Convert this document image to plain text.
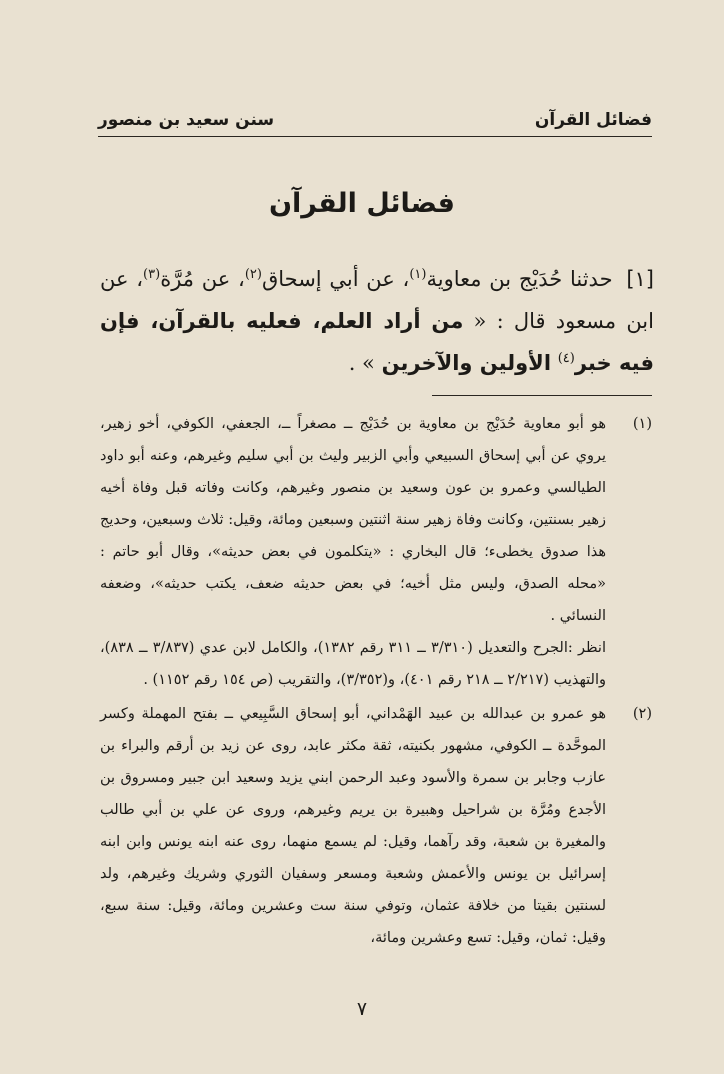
فضائل القرآن
سنن سعيد بن منصور
فضائل القرآن
[١] حدثنا حُدَيْج بن معاوية$^{(١)}$، عن أبي إسحاق$^{(٢)}$، عن مُرَّة$^{(٣)}$، عن ابن مسعود قال : « من أراد العلم، فعليه بالقرآن، فإن فيه خبر$^{(٤)}$ الأولين والآخرين » .
(١)
هو أبو معاوية حُدَيْج بن معاوية بن حُدَيْج ــ مصغراً ــ، الجعفي، الكوفي، أخو زهير، يروي عن أبي إسحاق السبيعي وأبي الزبير وليث بن أبي سليم وغيرهم، وعنه أبو داود الطيالسي وعمرو بن عون وسعيد بن منصور وغيرهم، وكانت وفاته قبل وفاة أخيه زهير بسنتين، وكانت وفاة زهير سنة اثنتين وسبعين ومائة، وقيل: ثلاث وسبعين، وحديج هذا صدوق يخطىء؛ قال البخاري : «يتكلمون في بعض حديثه»، وقال أبو حاتم : «محله الصدق، وليس مثل أخيه؛ في بعض حديثه ضعف، يكتب حديثه»، وضعفه النسائي .
انظر :الجرح والتعديل (٣/٣١٠ ــ ٣١١ رقم ١٣٨٢)، والكامل لابن عدي (٣/٨٣٧ ــ ٨٣٨)، والتهذيب (٢/٢١٧ ــ ٢١٨ رقم ٤٠١)، و(٣/٣٥٢)، والتقريب (ص ١٥٤ رقم ١١٥٢) .
(٢)
هو عمرو بن عبدالله بن عبيد الهَمْداني، أبو إسحاق السَّبِيعي ــ بفتح المهملة وكسر الموحَّدة ــ الكوفي، مشهور بكنيته، ثقة مكثر عابد، روى عن زيد بن أرقم والبراء بن عازب وجابر بن سمرة والأسود وعبد الرحمن ابني يزيد وسعيد ابن جبير ومسروق بن الأجدع ومُرَّة بن شراحيل وهبيرة بن يريم وغيرهم، وروى عن علي بن أبي طالب والمغيرة بن شعبة، وقد رآهما، وقيل: لم يسمع منهما، روى عنه ابنه يونس وابن ابنه إسرائيل بن يونس والأعمش وشعبة ومسعر وسفيان الثوري وشريك وغيرهم، ولد لسنتين بقيتا من خلافة عثمان، وتوفي سنة ست وعشرين ومائة، وقيل: سنة سبع، وقيل: ثمان، وقيل: تسع وعشرين ومائة،
٧
